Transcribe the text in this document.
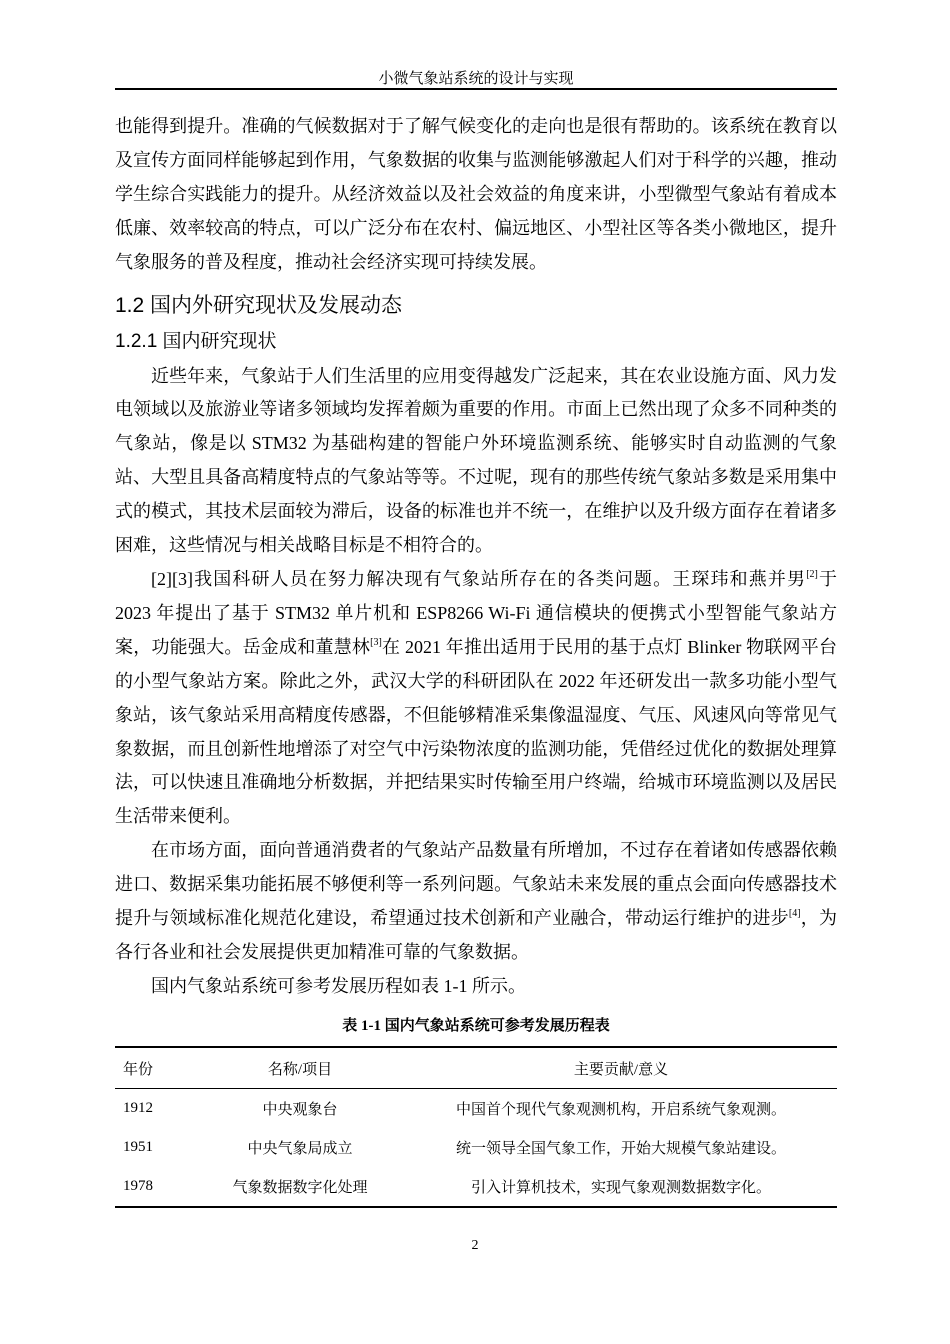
小微气象站系统的设计与实现

也能得到提升。准确的气候数据对于了解气候变化的走向也是很有帮助的。该系统在教育以及宣传方面同样能够起到作用，气象数据的收集与监测能够激起人们对于科学的兴趣，推动学生综合实践能力的提升。从经济效益以及社会效益的角度来讲，小型微型气象站有着成本低廉、效率较高的特点，可以广泛分布在农村、偏远地区、小型社区等各类小微地区，提升气象服务的普及程度，推动社会经济实现可持续发展。

1.2 国内外研究现状及发展动态
1.2.1 国内研究现状

近些年来，气象站于人们生活里的应用变得越发广泛起来，其在农业设施方面、风力发电领域以及旅游业等诸多领域均发挥着颇为重要的作用。市面上已然出现了众多不同种类的气象站，像是以 STM32 为基础构建的智能户外环境监测系统、能够实时自动监测的气象站、大型且具备高精度特点的气象站等等。不过呢，现有的那些传统气象站多数是采用集中式的模式，其技术层面较为滞后，设备的标准也并不统一，在维护以及升级方面存在着诸多困难，这些情况与相关战略目标是不相符合的。

[2][3]我国科研人员在努力解决现有气象站所存在的各类问题。王琛玮和燕并男[2]于 2023 年提出了基于 STM32 单片机和 ESP8266 Wi-Fi 通信模块的便携式小型智能气象站方案，功能强大。岳金成和董慧林[3]在 2021 年推出适用于民用的基于点灯 Blinker 物联网平台的小型气象站方案。除此之外，武汉大学的科研团队在 2022 年还研发出一款多功能小型气象站，该气象站采用高精度传感器，不但能够精准采集像温湿度、气压、风速风向等常见气象数据，而且创新性地增添了对空气中污染物浓度的监测功能，凭借经过优化的数据处理算法，可以快速且准确地分析数据，并把结果实时传输至用户终端，给城市环境监测以及居民生活带来便利。

在市场方面，面向普通消费者的气象站产品数量有所增加，不过存在着诸如传感器依赖进口、数据采集功能拓展不够便利等一系列问题。气象站未来发展的重点会面向传感器技术提升与领域标准化规范化建设，希望通过技术创新和产业融合，带动运行维护的进步[4]，为各行各业和社会发展提供更加精准可靠的气象数据。

国内气象站系统可参考发展历程如表 1-1 所示。

表 1-1 国内气象站系统可参考发展历程表
年份	名称/项目	主要贡献/意义
1912	中央观象台	中国首个现代气象观测机构，开启系统气象观测。
1951	中央气象局成立	统一领导全国气象工作，开始大规模气象站建设。
1978	气象数据数字化处理	引入计算机技术，实现气象观测数据数字化。
2
